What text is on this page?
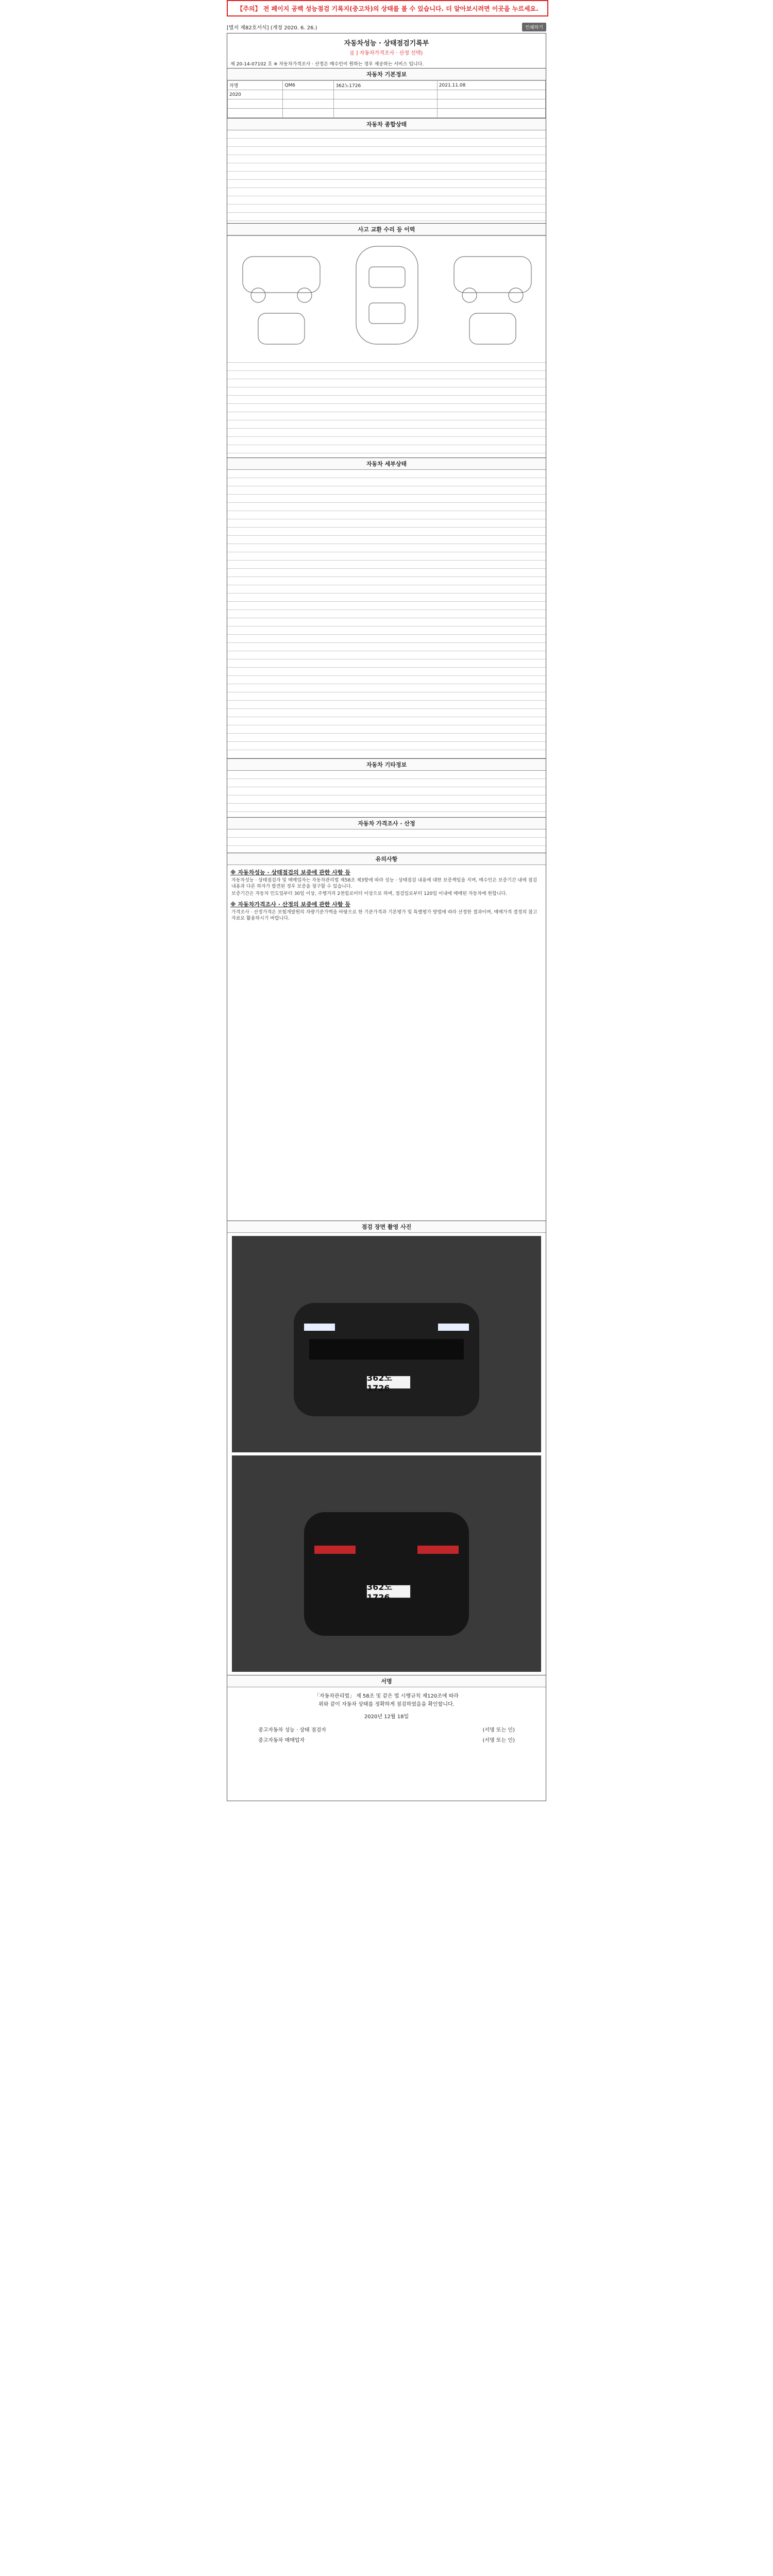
【주의】 전 페이지 공백 성능점검 기록지(중고차)의 상태를 볼 수 있습니다. 더 알아보시려면 이곳을 누르세요.
[별지 제82호서식] (개정 2020. 6. 26.)	인쇄하기
자동차성능 · 상태점검기록부
([ ] 자동차가격조사 · 산정 선택)
제 20-14-07102 호 ※ 자동차가격조사 · 산정은 매수인이 원하는 경우 제공하는 서비스 입니다.
자동차 기본정보
차명	QM6	362노1726	2021.11.08
2020			

자동차 종합상태
사고 교환 수리 등 이력
자동차 세부상태
자동차 기타정보
자동차 가격조사 · 산정
유의사항
※ 자동차성능 · 상태점검의 보증에 관한 사항 등

자동차성능 · 상태점검자 및 매매업자는 자동차관리법 제58조 제3항에 따라 성능 · 상태점검 내용에 대한 보증책임을 지며, 매수인은 보증기간 내에 점검 내용과 다른 하자가 발견된 경우 보증을 청구할 수 있습니다.

보증기간은 자동차 인도일부터 30일 이상, 주행거리 2천킬로미터 이상으로 하며, 점검일로부터 120일 이내에 매매된 자동차에 한합니다.

※ 자동차가격조사 · 산정의 보증에 관한 사항 등

가격조사 · 산정가격은 보험개발원의 차량기준가액을 바탕으로 한 기준가격과 기본평가 및 특별평가 방법에 따라 산정한 결과이며, 매매가격 결정의 참고자료로 활용하시기 바랍니다.

점검 장면 촬영 사진
362노1726
362노1726
서명
「자동차관리법」 제 58조 및 같은 법 시행규칙 제120조에 따라
위와 같이 자동차 상태를 정확하게 점검하였음을 확인합니다.
2020년 12월 18일
중고자동차 성능 · 상태 점검자	(서명 또는 인)
중고자동차 매매업자	(서명 또는 인)
